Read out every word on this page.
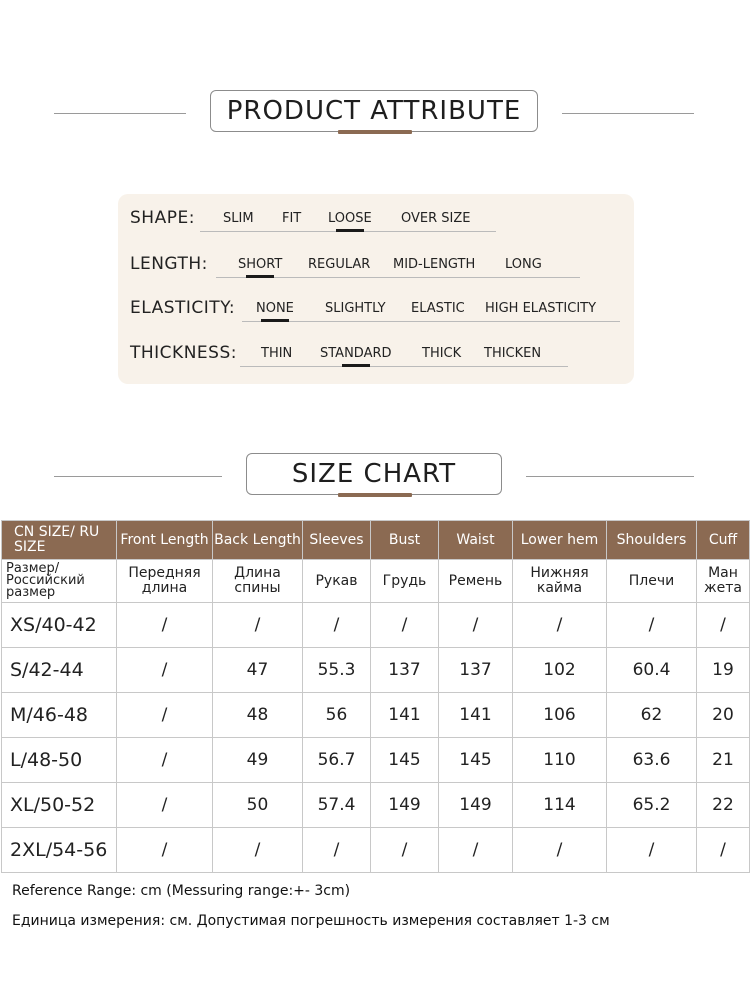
PRODUCT ATTRIBUTE
SHAPE: SLIM FIT LOOSE OVER SIZE
LENGTH: SHORT REGULAR MID-LENGTH LONG
ELASTICITY: NONE SLIGHTLY ELASTIC HIGH ELASTICITY
THICKNESS: THIN STANDARD THICK THICKEN
SIZE CHART
CN SIZE/ RU SIZE	Front Length	Back Length	Sleeves	Bust	Waist	Lower hem	Shoulders	Cuff
Размер/ Российский размер	Передняя длина	Длина спины	Рукав	Грудь	Ремень	Нижняя кайма	Плечи	Ман жета
XS/40-42	/	/	/	/	/	/	/	/
S/42-44	/	47	55.3	137	137	102	60.4	19
M/46-48	/	48	56	141	141	106	62	20
L/48-50	/	49	56.7	145	145	110	63.6	21
XL/50-52	/	50	57.4	149	149	114	65.2	22
2XL/54-56	/	/	/	/	/	/	/	/
Reference Range: cm (Messuring range:+- 3cm)
Единица измерения: см. Допустимая погрешность измерения составляет 1-3 см
